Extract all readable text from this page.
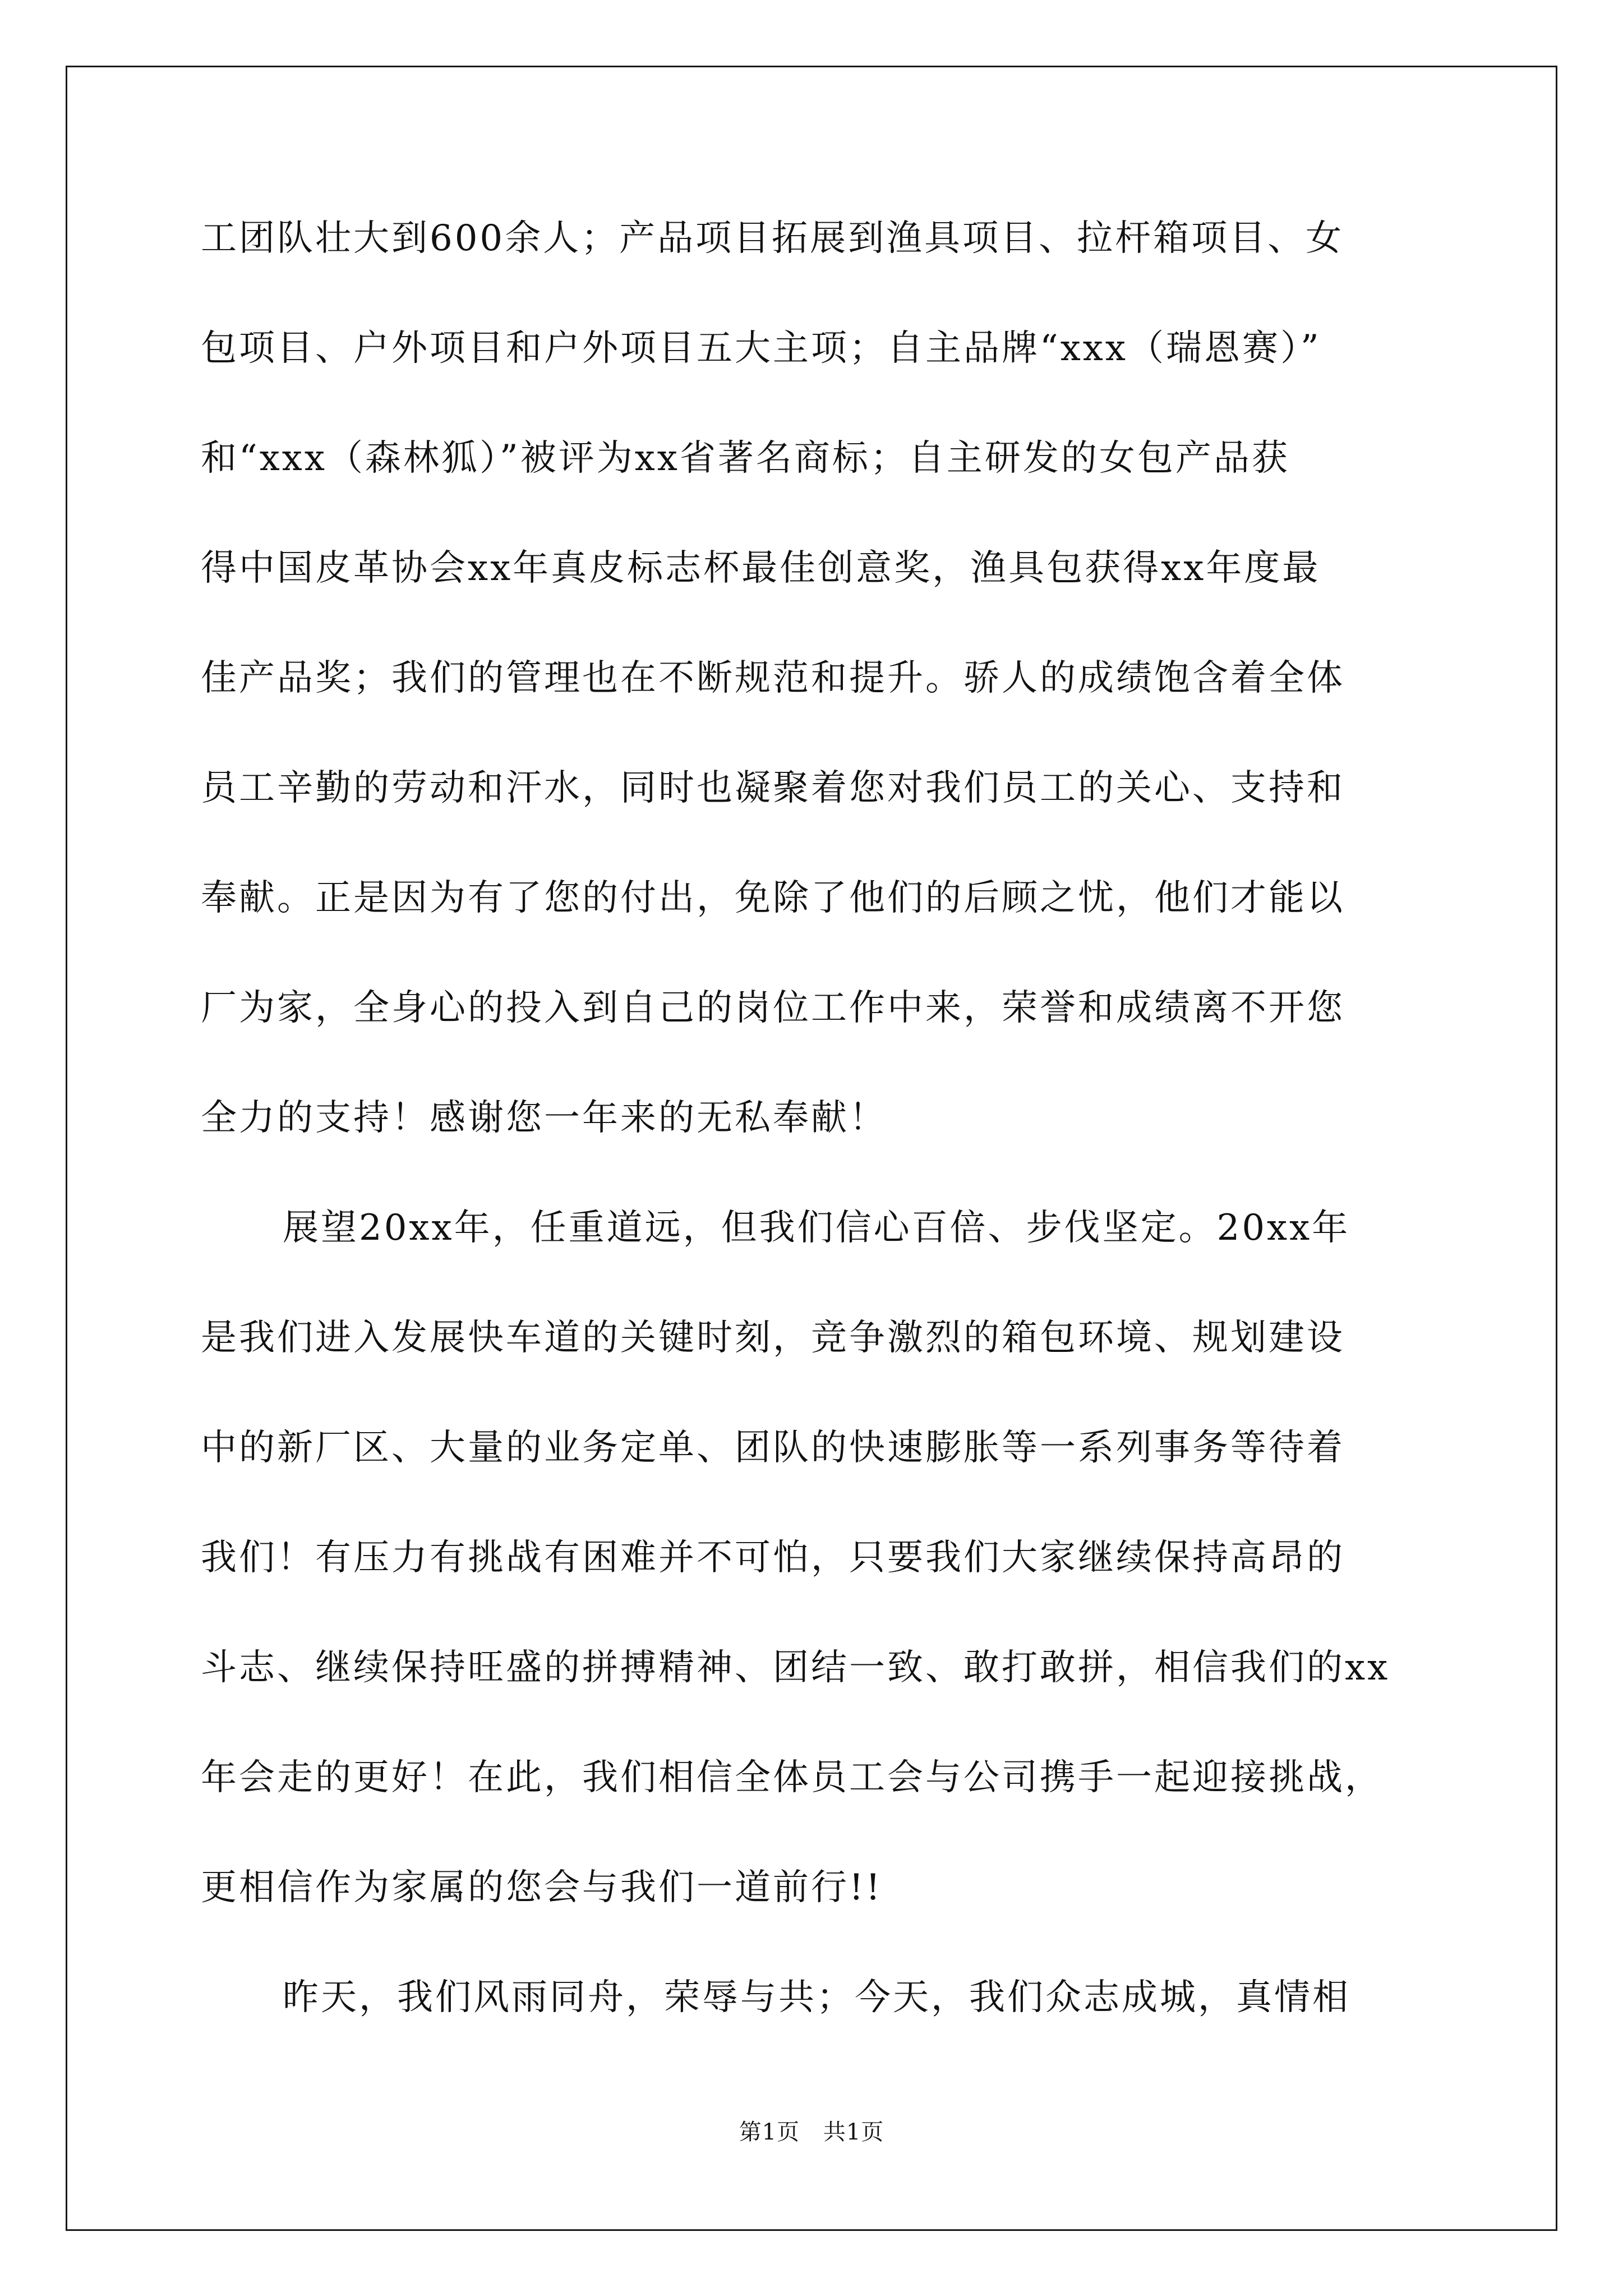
工团队壮大到600余人；产品项目拓展到渔具项目、拉杆箱项目、女
包项目、户外项目和户外项目五大主项；自主品牌“xxx（瑞恩赛）”
和“xxx（森林狐）”被评为xx省著名商标；自主研发的女包产品获
得中国皮革协会xx年真皮标志杯最佳创意奖，渔具包获得xx年度最
佳产品奖；我们的管理也在不断规范和提升。骄人的成绩饱含着全体
员工辛勤的劳动和汗水，同时也凝聚着您对我们员工的关心、支持和
奉献。正是因为有了您的付出，免除了他们的后顾之忧，他们才能以
厂为家，全身心的投入到自己的岗位工作中来，荣誉和成绩离不开您
全力的支持！感谢您一年来的无私奉献！
展望20xx年，任重道远，但我们信心百倍、步伐坚定。20xx年
是我们进入发展快车道的关键时刻，竞争激烈的箱包环境、规划建设
中的新厂区、大量的业务定单、团队的快速膨胀等一系列事务等待着
我们！有压力有挑战有困难并不可怕，只要我们大家继续保持高昂的
斗志、继续保持旺盛的拼搏精神、团结一致、敢打敢拼，相信我们的xx
年会走的更好！在此，我们相信全体员工会与公司携手一起迎接挑战，
更相信作为家属的您会与我们一道前行!!
昨天，我们风雨同舟，荣辱与共；今天，我们众志成城，真情相
第1页 共1页
